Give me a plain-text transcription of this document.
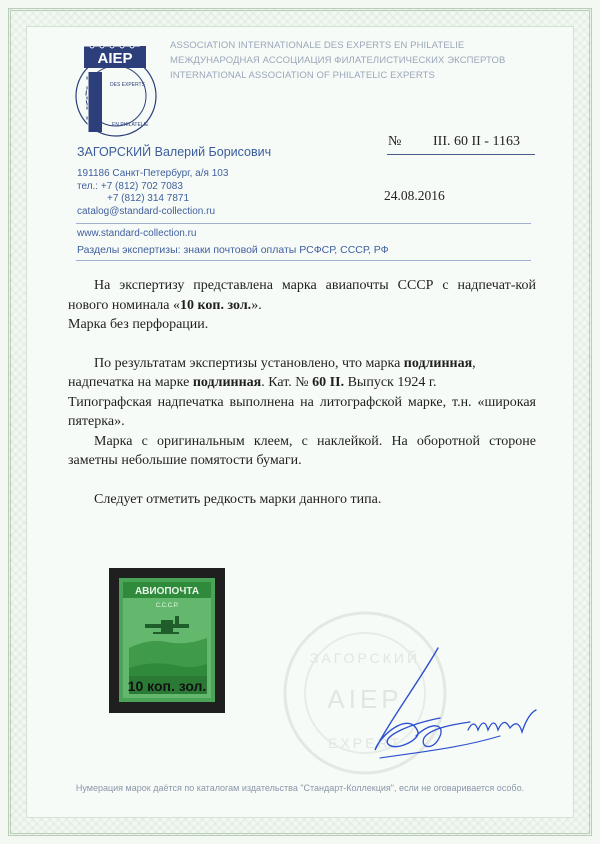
AIEP
DES EXPERTS
EN PHILATELIE
ASSOCIATION INTERNATIONALE DES EXPERTS EN PHILATELIE
МЕЖДУНАРОДНАЯ АССОЦИАЦИЯ ФИЛАТЕЛИСТИЧЕСКИХ ЭКСПЕРТОВ
INTERNATIONAL ASSOCIATION OF PHILATELIC EXPERTS
ЗАГОРСКИЙ Валерий Борисович
191186 Санкт-Петербург, а/я 103
тел.: +7 (812) 702 7083
+7 (812) 314 7871
catalog@standard-collection.ru
www.standard-collection.ru
Разделы экспертизы: знаки почтовой оплаты РСФСР, СССР, РФ
№ III. 60 II - 1163
24.08.2016

На экспертизу представлена марка авиапочты СССР с надпечат-кой нового номинала «10 коп. зол.».

Марка без перфорации.

По результатам экспертизы установлено, что марка подлинная,

надпечатка на марке подлинная. Кат. № 60 II. Выпуск 1924 г.

Типографская надпечатка выполнена на литографской марке, т.н. «широкая пятерка».

Марка с оригинальным клеем, с наклейкой. На оборотной стороне заметны небольшие помятости бумаги.

Следует отметить редкость марки данного типа.

АВИОПОЧТА
С.С.С.Р.
10 коп. зол.
ЗАГОРСКИЙ
AIEP
EXPERT
Нумерация марок даётся по каталогам издательства "Стандарт-Коллекция", если не оговаривается особо.
